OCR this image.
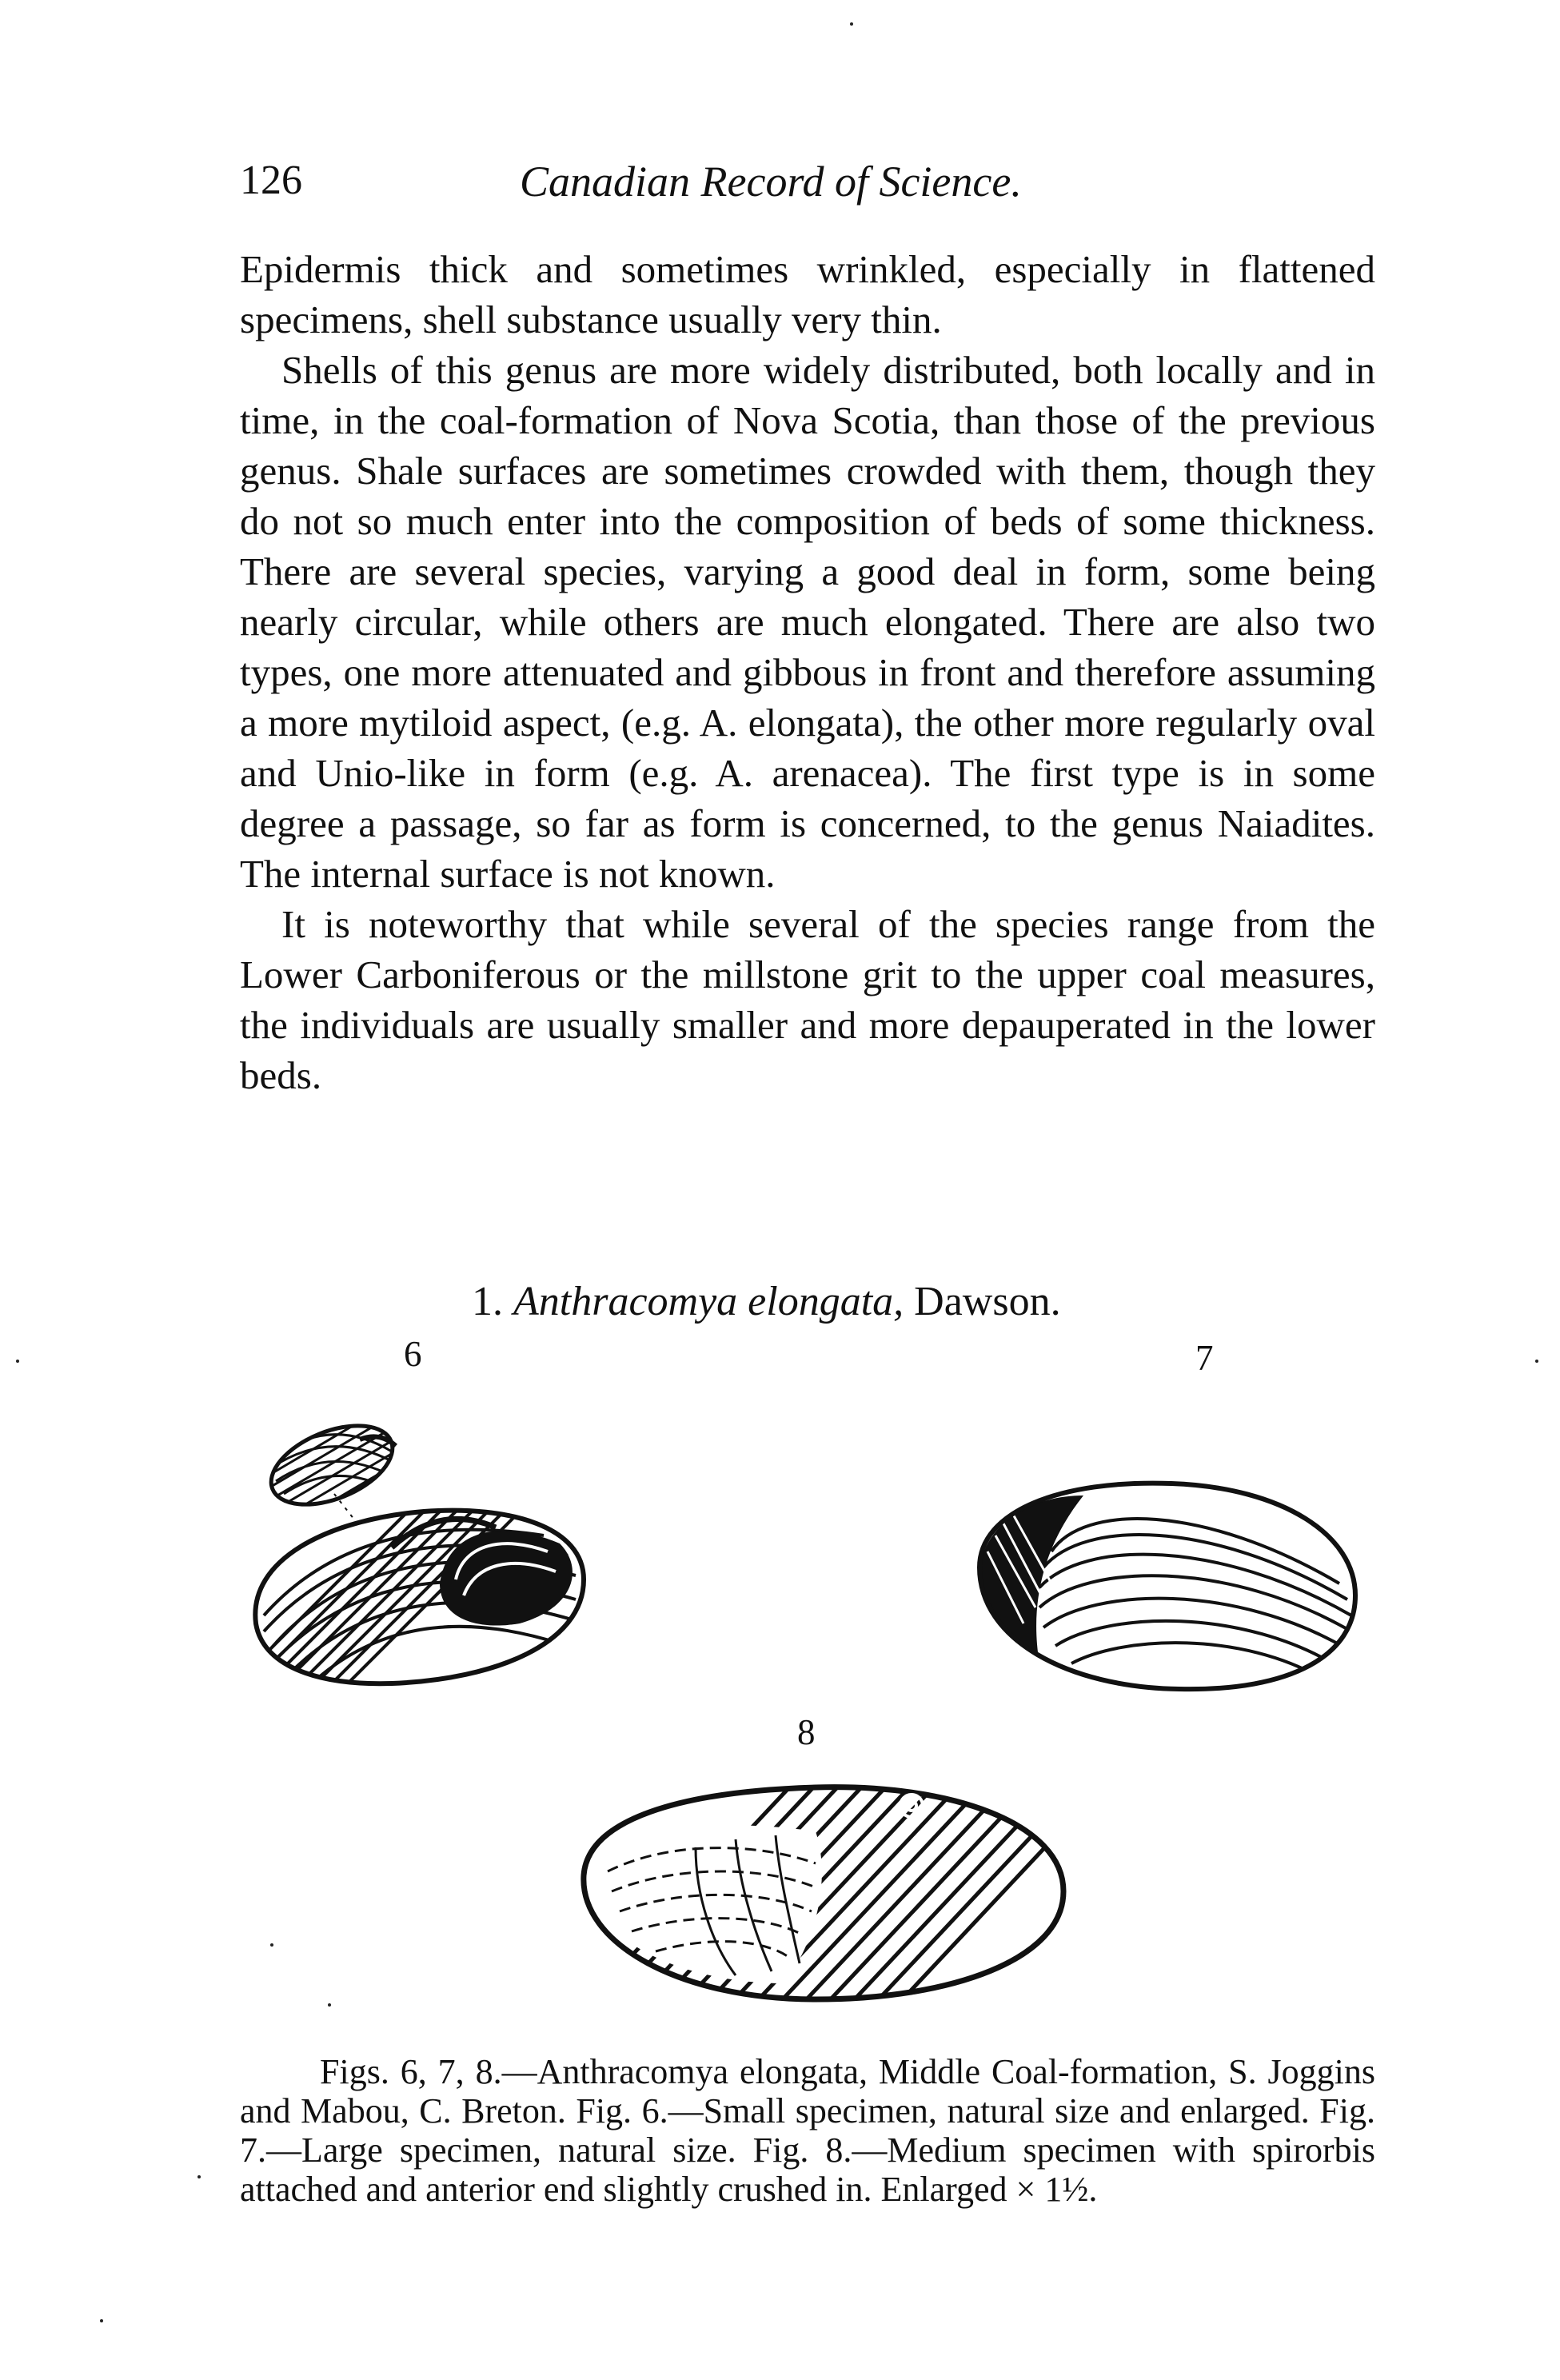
126	Canadian Record of Science.

Epidermis thick and sometimes wrinkled, especially in flattened specimens, shell substance usually very thin.

Shells of this genus are more widely distributed, both locally and in time, in the coal-formation of Nova Scotia, than those of the previous genus. Shale surfaces are sometimes crowded with them, though they do not so much enter into the composition of beds of some thickness. There are several species, varying a good deal in form, some being nearly circular, while others are much elongated. There are also two types, one more attenuated and gibbous in front and therefore assuming a more mytiloid aspect, (e.g. A. elongata), the other more regularly oval and Unio-like in form (e.g. A. arenacea). The first type is in some degree a passage, so far as form is concerned, to the genus Naiadites. The internal surface is not known.

It is noteworthy that while several of the species range from the Lower Carboniferous or the millstone grit to the upper coal measures, the individuals are usually smaller and more depauperated in the lower beds.

1. Anthracomya elongata, Dawson.
6	7
8

Figs. 6, 7, 8.—Anthracomya elongata, Middle Coal-formation, S. Joggins and Mabou, C. Breton. Fig. 6.—Small specimen, natural size and enlarged. Fig. 7.—Large specimen, natural size. Fig. 8.—Medium specimen with spirorbis attached and anterior end slightly crushed in. Enlarged × 1½.
